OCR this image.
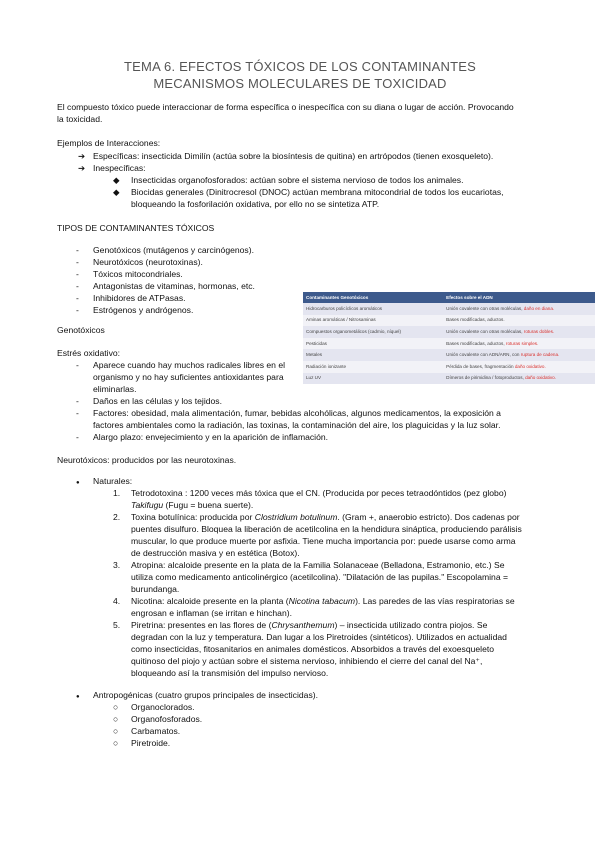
TEMA 6. EFECTOS TÓXICOS DE LOS CONTAMINANTES
MECANISMOS MOLECULARES DE TOXICIDAD
El compuesto tóxico puede interaccionar de forma específica o inespecífica con su diana o lugar de acción. Provocando
la toxicidad.
Ejemplos de Interacciones:
➔ Específicas: insecticida Dimilín (actúa sobre la biosíntesis de quitina) en artrópodos (tienen exosqueleto).
➔ Inespecíficas:
◆ Insecticidas organofosforados: actúan sobre el sistema nervioso de todos los animales.
◆ Biocidas generales (Dinitrocresol (DNOC) actúan membrana mitocondrial de todos los eucariotas,
bloqueando la fosforilación oxidativa, por ello no se sintetiza ATP.
TIPOS DE CONTAMINANTES TÓXICOS
- Genotóxicos (mutágenos y carcinógenos).
- Neurotóxicos (neurotoxinas).
- Tóxicos mitocondriales.
- Antagonistas de vitaminas, hormonas, etc.
- Inhibidores de ATPasas.
- Estrógenos y andrógenos.
Contaminantes Genotóxicos	Efectos sobre el ADN
Hidrocarburos policíclicos aromáticos	Unión covalente con otras moléculas, daño en diana.
Aminas aromáticas / Nitrosaminas	Bases modificadas, aductos.
Compuestos organometálicos (cadmio, níquel)	Unión covalente con otras moléculas, roturas dobles.
Pesticidas	Bases modificadas, aductos, roturas simples.
Metales	Unión covalente con ADN/ARN, con ruptura de cadena.
Radiación ionizante	Pérdida de bases, fragmentación daño oxidativo.
Luz UV	Dímeros de pirimidina / fotoproductos, daño oxidativo.
Genotóxicos
Estrés oxidativo:
- Aparece cuando hay muchos radicales libres en el
organismo y no hay suficientes antioxidantes para
eliminarlas.
- Daños en las células y los tejidos.
- Factores: obesidad, mala alimentación, fumar, bebidas alcohólicas, algunos medicamentos, la exposición a
factores ambientales como la radiación, las toxinas, la contaminación del aire, los plaguicidas y la luz solar.
- Alargo plazo: envejecimiento y en la aparición de inflamación.
Neurotóxicos: producidos por las neurotoxinas.
● Naturales:
1. Tetrodotoxina : 1200 veces más tóxica que el CN. (Producida por peces tetraodóntidos (pez globo)
Takifugu (Fugu = buena suerte).
2. Toxina botulínica: producida por Clostridium botulinum. (Gram +, anaerobio estricto). Dos cadenas por
puentes disulfuro. Bloquea la liberación de acetilcolina en la hendidura sináptica, produciendo parálisis
muscular, lo que produce muerte por asfixia. Tiene mucha importancia por: puede usarse como arma
de destrucción masiva y en estética (Botox).
3. Atropina: alcaloide presente en la plata de la Familia Solanaceae (Belladona, Estramonio, etc.) Se
utiliza como medicamento anticolinérgico (acetilcolina). "Dilatación de las pupilas." Escopolamina =
burundanga.
4. Nicotina: alcaloide presente en la planta (Nicotina tabacum). Las paredes de las vías respiratorias se
engrosan e inflaman (se irritan e hinchan).
5. Piretrina: presentes en las flores de (Chrysanthemum) – insecticida utilizado contra piojos. Se
degradan con la luz y temperatura. Dan lugar a los Piretroides (sintéticos). Utilizados en actualidad
como insecticidas, fitosanitarios en animales domésticos. Absorbidos a través del exoesqueleto
quitinoso del piojo y actúan sobre el sistema nervioso, inhibiendo el cierre del canal del Na⁺,
bloqueando así la transmisión del impulso nervioso.
● Antropogénicas (cuatro grupos principales de insecticidas).
○ Organoclorados.
○ Organofosforados.
○ Carbamatos.
○ Piretroide.
